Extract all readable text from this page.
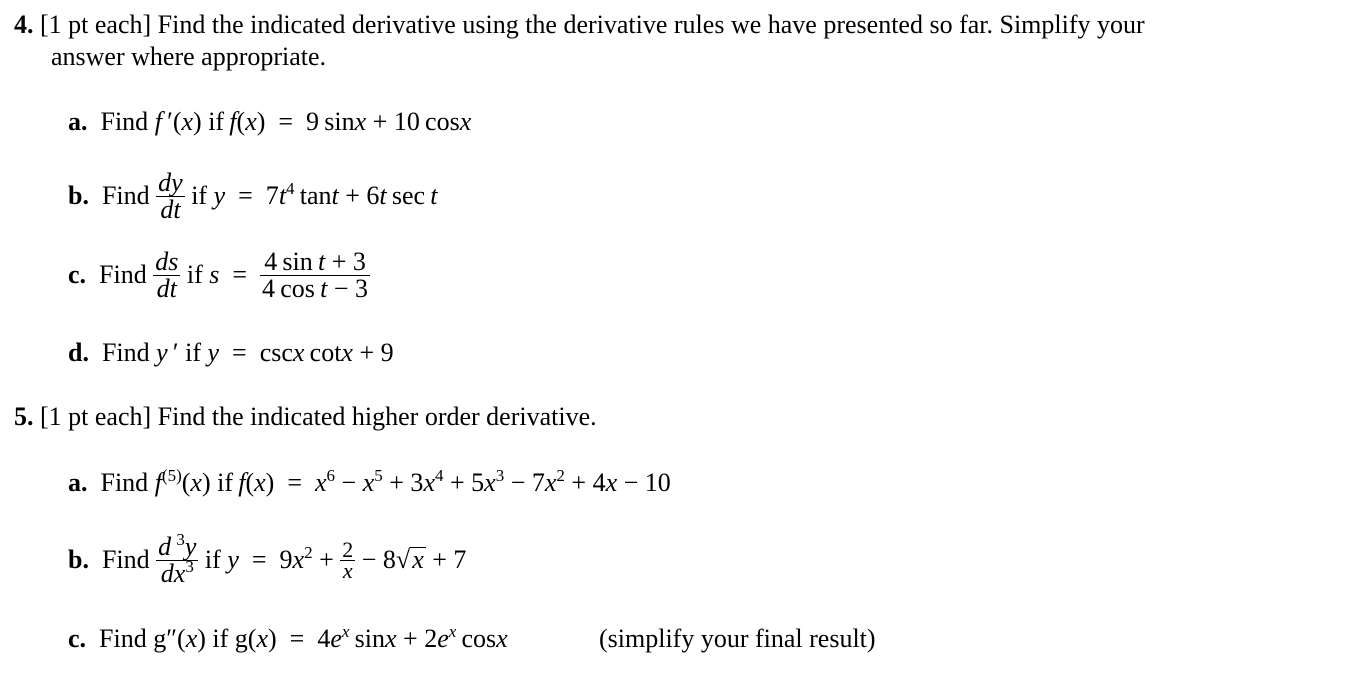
4. [1 pt each] Find the indicated derivative using the derivative rules we have presented so far. Simplify your
answer where appropriate.
a.  Find f ′(x) if f(x)  =  9 sinx + 10 cosx
b.  Find $\frac{dy}{dt}$ if $y = 7t^4$ tant + 6t sec t
c.  Find $\frac{ds}{dt}$ if $s = \frac{\text{4 sin t + 3}}{\text{4 cos t − 3}}$
d.  Find y ′ if y  =  cscx cotx + 9
5. [1 pt each] Find the indicated higher order derivative.
a.  Find $f^{(5)}(x)$ if $f(x) = x^6 - x^5 + 3x^4 + 5x^3 - 7x^2 + 4x - 10$
b.  Find $\frac{d ^3y}{dx^3}$ if $y = 9x^2 + \frac{2}{x} - 8√x + 7$
c.  Find g″(x) if $g(x) = 4e^x$ $\sin x + 2e^x$ cosx	(simplify your final result)
